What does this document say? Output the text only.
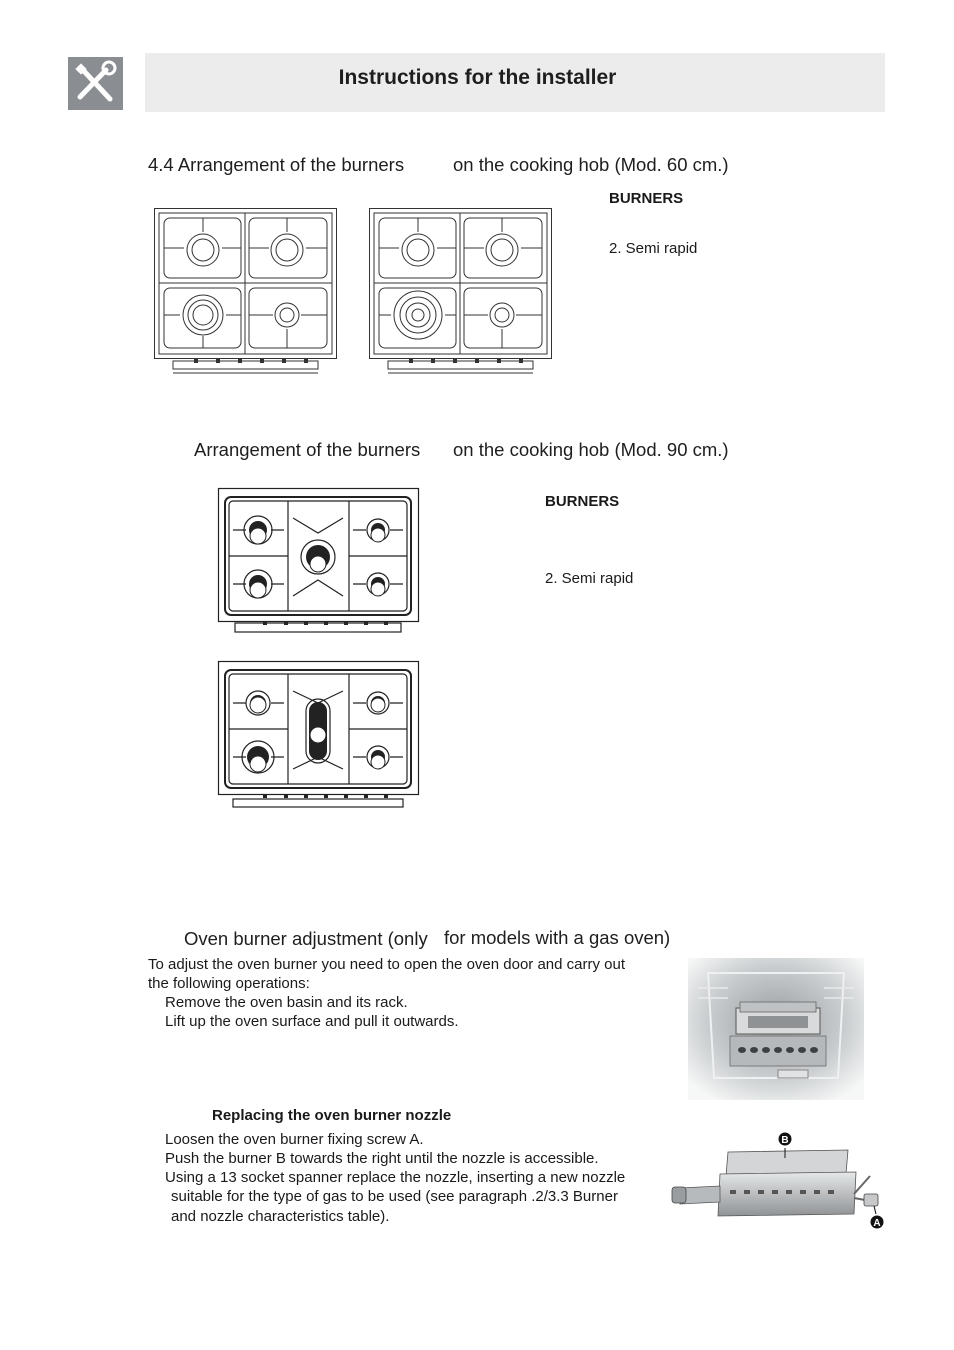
Instructions for the installer
4.4 Arrangement of the burners	on the cooking hob (Mod. 60 cm.)
BURNERS
2. Semi rapid
Arrangement of the burners on the cooking hob (Mod. 90 cm.)
BURNERS
2. Semi rapid
Oven burner adjustment (only for models with a gas oven)
To adjust the oven burner you need to open the oven door and carry out
the following operations:
Remove the oven basin and its rack.
Lift up the oven surface and pull it outwards.
Replacing the oven burner nozzle
Loosen the oven burner fixing screw A.
Push the burner B towards the right until the nozzle is accessible.
Using a 13 socket spanner replace the nozzle, inserting a new nozzle
suitable for the type of gas to be used (see paragraph .2/3.3 Burner
and nozzle characteristics table).
B
A
